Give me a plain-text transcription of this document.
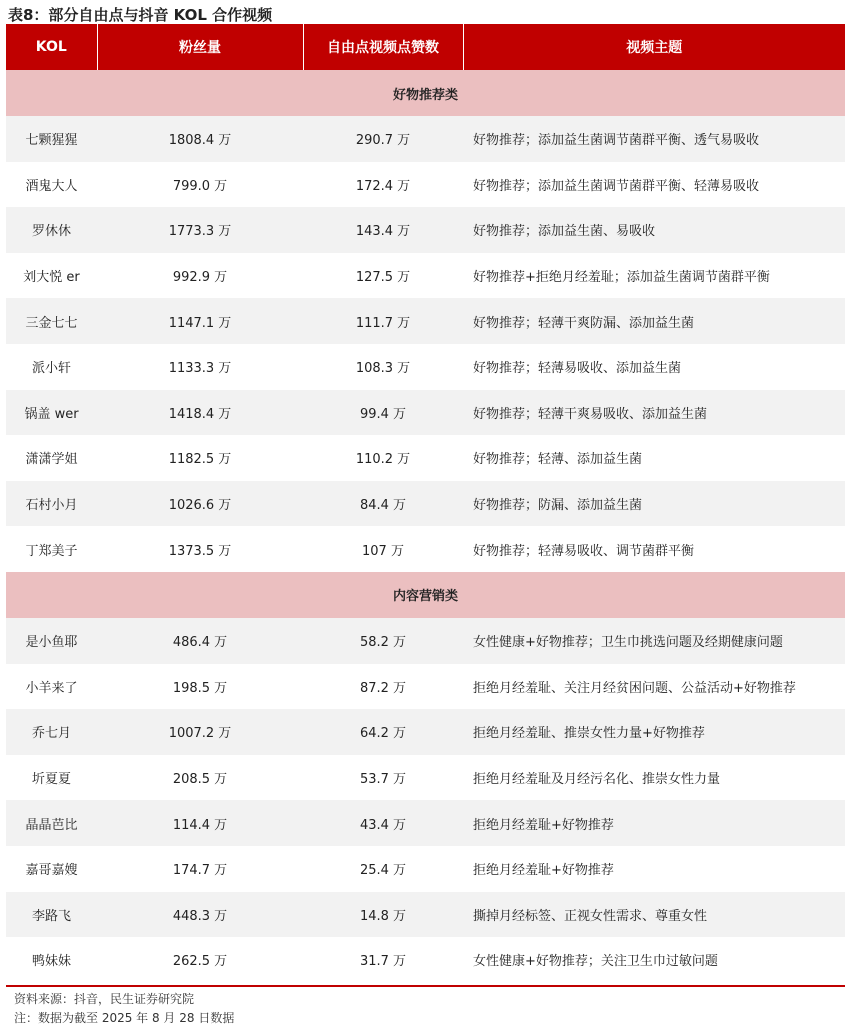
表8：部分自由点与抖音 KOL 合作视频
KOL	粉丝量	自由点视频点赞数	视频主题
好物推荐类			
七颗猩猩	1808.4 万	290.7 万	好物推荐；添加益生菌调节菌群平衡、透气易吸收
酒鬼大人	799.0 万	172.4 万	好物推荐；添加益生菌调节菌群平衡、轻薄易吸收
罗休休	1773.3 万	143.4 万	好物推荐；添加益生菌、易吸收
刘大悦 er	992.9 万	127.5 万	好物推荐+拒绝月经羞耻；添加益生菌调节菌群平衡
三金七七	1147.1 万	111.7 万	好物推荐；轻薄干爽防漏、添加益生菌
派小轩	1133.3 万	108.3 万	好物推荐；轻薄易吸收、添加益生菌
锅盖 wer	1418.4 万	99.4 万	好物推荐；轻薄干爽易吸收、添加益生菌
潇潇学姐	1182.5 万	110.2 万	好物推荐；轻薄、添加益生菌
石村小月	1026.6 万	84.4 万	好物推荐；防漏、添加益生菌
丁郑美子	1373.5 万	107 万	好物推荐；轻薄易吸收、调节菌群平衡
内容营销类			
是小鱼耶	486.4 万	58.2 万	女性健康+好物推荐；卫生巾挑选问题及经期健康问题
小羊来了	198.5 万	87.2 万	拒绝月经羞耻、关注月经贫困问题、公益活动+好物推荐
乔七月	1007.2 万	64.2 万	拒绝月经羞耻、推崇女性力量+好物推荐
圻夏夏	208.5 万	53.7 万	拒绝月经羞耻及月经污名化、推崇女性力量
晶晶芭比	114.4 万	43.4 万	拒绝月经羞耻+好物推荐
嘉哥嘉嫂	174.7 万	25.4 万	拒绝月经羞耻+好物推荐
李路飞	448.3 万	14.8 万	撕掉月经标签、正视女性需求、尊重女性
鸭妹妹	262.5 万	31.7 万	女性健康+好物推荐；关注卫生巾过敏问题
资料来源：抖音，民生证券研究院
注：数据为截至 2025 年 8 月 28 日数据
